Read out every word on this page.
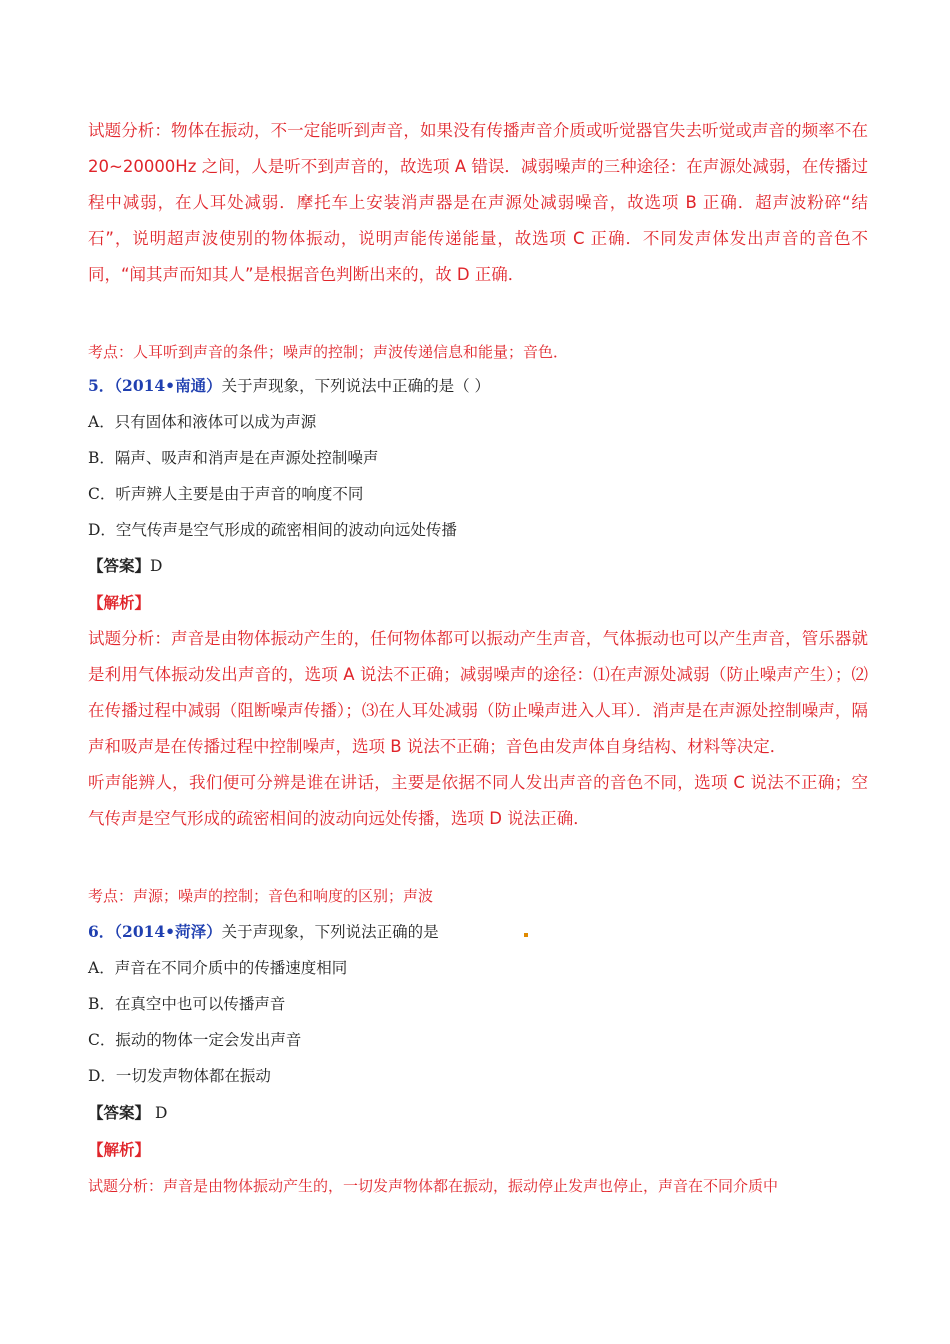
试题分析：物体在振动，不一定能听到声音，如果没有传播声音介质或听觉器官失去听觉或声音的频率不在 20~20000Hz 之间，人是听不到声音的，故选项 A 错误．减弱噪声的三种途径：在声源处减弱，在传播过程中减弱，在人耳处减弱．摩托车上安装消声器是在声源处减弱噪音，故选项 B 正确．超声波粉碎“结石”，说明超声波使别的物体振动，说明声能传递能量，故选项 C 正确．不同发声体发出声音的音色不同，“闻其声而知其人”是根据音色判断出来的，故 D 正确．

考点：人耳听到声音的条件；噪声的控制；声波传递信息和能量；音色．

5．（2014•南通）关于声现象，下列说法中正确的是（ ）

A．只有固体和液体可以成为声源

B．隔声、吸声和消声是在声源处控制噪声

C．听声辨人主要是由于声音的响度不同

D．空气传声是空气形成的疏密相间的波动向远处传播

【答案】D

【解析】

试题分析：声音是由物体振动产生的，任何物体都可以振动产生声音，气体振动也可以产生声音，管乐器就是利用气体振动发出声音的，选项 A 说法不正确；减弱噪声的途径：⑴在声源处减弱（防止噪声产生）；⑵在传播过程中减弱（阻断噪声传播）；⑶在人耳处减弱（防止噪声进入人耳）．消声是在声源处控制噪声，隔声和吸声是在传播过程中控制噪声，选项 B 说法不正确；音色由发声体自身结构、材料等决定．

听声能辨人，我们便可分辨是谁在讲话，主要是依据不同人发出声音的音色不同，选项 C 说法不正确；空气传声是空气形成的疏密相间的波动向远处传播，选项 D 说法正确．

考点：声源；噪声的控制；音色和响度的区别；声波

6．（2014•菏泽）关于声现象，下列说法正确的是

A．声音在不同介质中的传播速度相同

B．在真空中也可以传播声音

C．振动的物体一定会发出声音

D．一切发声物体都在振动

【答案】 D

【解析】

试题分析：声音是由物体振动产生的，一切发声物体都在振动，振动停止发声也停止，声音在不同介质中
